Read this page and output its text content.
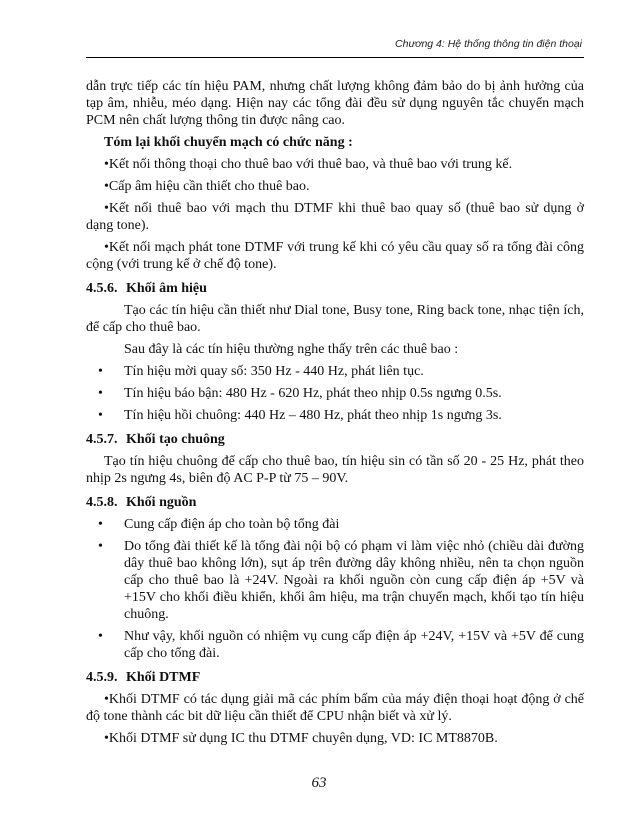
Chương 4: Hệ thống thông tin điện thoại

dẫn trực tiếp các tín hiệu PAM, nhưng chất lượng không đảm bảo do bị ảnh hưởng của tạp âm, nhiễu, méo dạng. Hiện nay các tổng đài đều sử dụng nguyên tắc chuyển mạch PCM nên chất lượng thông tin được nâng cao.

Tóm lại khối chuyển mạch có chức năng :

•Kết nối thông thoại cho thuê bao với thuê bao, và thuê bao với trung kế.

•Cấp âm hiệu cần thiết cho thuê bao.

•Kết nối thuê bao với mạch thu DTMF khi thuê bao quay số (thuê bao sử dụng ở dạng tone).

•Kết nối mạch phát tone DTMF với trung kế khi có yêu cầu quay số ra tổng đài công cộng (với trung kế ở chế độ tone).

4.5.6. Khối âm hiệu

Tạo các tín hiệu cần thiết như Dial tone, Busy tone, Ring back tone, nhạc tiện ích, để cấp cho thuê bao.

Sau đây là các tín hiệu thường nghe thấy trên các thuê bao :

•	Tín hiệu mời quay số: 350 Hz - 440 Hz, phát liên tục.
•	Tín hiệu báo bận: 480 Hz - 620 Hz, phát theo nhịp 0.5s ngưng 0.5s.
•	Tín hiệu hồi chuông: 440 Hz – 480 Hz, phát theo nhịp 1s ngưng 3s.
4.5.7. Khối tạo chuông

Tạo tín hiệu chuông để cấp cho thuê bao, tín hiệu sin có tần số 20 - 25 Hz, phát theo nhịp 2s ngưng 4s, biên độ AC P-P từ 75 – 90V.

4.5.8. Khối nguồn
•	Cung cấp điện áp cho toàn bộ tổng đài
•	Do tổng đài thiết kế là tổng đài nội bộ có phạm vi làm việc nhỏ (chiều dài đường dây thuê bao không lớn), sụt áp trên đường dây không nhiều, nên ta chọn nguồn cấp cho thuê bao là +24V. Ngoài ra khối nguồn còn cung cấp điện áp +5V và +15V cho khối điều khiển, khối âm hiệu, ma trận chuyển mạch, khối tạo tín hiệu chuông.
•	Như vậy, khối nguồn có nhiệm vụ cung cấp điện áp +24V, +15V và +5V để cung cấp cho tổng đài.
4.5.9. Khối DTMF

•Khối DTMF có tác dụng giải mã các phím bấm của máy điện thoại hoạt động ở chế độ tone thành các bit dữ liệu cần thiết để CPU nhận biết và xử lý.

•Khối DTMF sử dụng IC thu DTMF chuyên dụng, VD: IC MT8870B.

63
